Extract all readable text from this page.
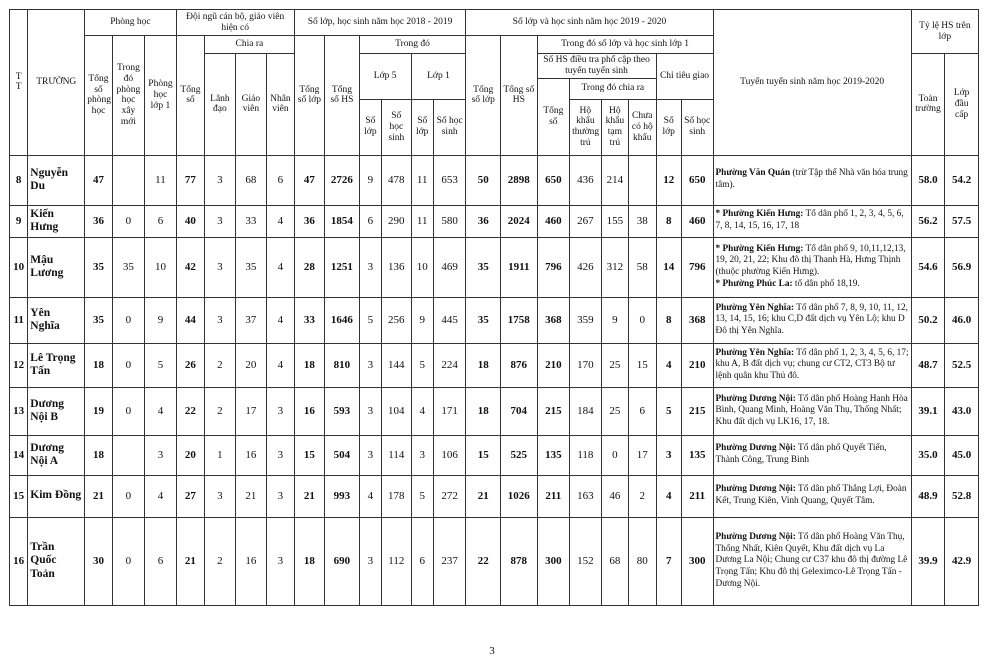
T T	TRƯỜNG	Phòng học			Đội ngũ cán bộ, giáo viên hiện có				Số lớp, học sinh năm học 2018 - 2019						Số lớp và học sinh năm học 2019 - 2020								Tuyển tuyển sinh năm học 2019-2020	Tỷ lệ HS trên lớp	
		Tổng số phòng học	Trong đó phòng học xây mới	Phòng học lớp 1	Tổng số	Chia ra			Tổng số lớp	Tổng số HS	Trong đó				Tổng số lớp	Tổng số HS	Trong đó số lớp và học sinh lớp 1								
						Lãnh đạo	Giáo viên	Nhân viên			Lớp 5		Lớp 1				Số HS điều tra phổ cập theo tuyến tuyển sinh				Chỉ tiêu giao			Toàn trường	Lớp đầu cấp
																	Tổng số	Trong đó chia ra							
											Số lớp	Số học sinh	Số lớp	Số học sinh				Hộ khẩu thường trú	Hộ khẩu tạm trú	Chưa có hộ khẩu	Số lớp	Số học sinh			
8	Nguyễn Du	47		11	77	3	68	6	47	2726	9	478	11	653	50	2898	650	436	214		12	650	Phường Văn Quán (trừ Tập thể Nhà văn hóa trung tâm).	58.0	54.2
9	Kiến Hưng	36	0	6	40	3	33	4	36	1854	6	290	11	580	36	2024	460	267	155	38	8	460	* Phường Kiến Hưng: Tổ dân phố 1, 2, 3, 4, 5, 6, 7, 8, 14, 15, 16, 17, 18	56.2	57.5
10	Mậu Lương	35	35	10	42	3	35	4	28	1251	3	136	10	469	35	1911	796	426	312	58	14	796	* Phường Kiến Hưng: Tổ dân phố 9, 10,11,12,13, 19, 20, 21, 22; Khu đô thị Thanh Hà, Hưng Thịnh (thuộc phường Kiến Hưng).
* Phường Phúc La: tổ dân phố 18,19.	54.6	56.9
11	Yên Nghĩa	35	0	9	44	3	37	4	33	1646	5	256	9	445	35	1758	368	359	9	0	8	368	Phường Yên Nghĩa: Tổ dân phố 7, 8, 9, 10, 11, 12, 13, 14, 15, 16; khu C,D đất dịch vụ Yên Lộ; khu D Đô thị Yên Nghĩa.	50.2	46.0
12	Lê Trọng Tấn	18	0	5	26	2	20	4	18	810	3	144	5	224	18	876	210	170	25	15	4	210	Phường Yên Nghĩa: Tổ dân phố 1, 2, 3, 4, 5, 6, 17; khu A, B đất dịch vụ; chung cư CT2, CT3 Bộ tư lệnh quân khu Thủ đô.	48.7	52.5
13	Dương Nội B	19	0	4	22	2	17	3	16	593	3	104	4	171	18	704	215	184	25	6	5	215	Phường Dương Nội: Tổ dân phố Hoàng Hanh Hòa Bình, Quang Minh, Hoàng Văn Thụ, Thống Nhất; Khu đất dịch vụ LK16, 17, 18.	39.1	43.0
14	Dương Nội A	18		3	20	1	16	3	15	504	3	114	3	106	15	525	135	118	0	17	3	135	Phường Dương Nội: Tổ dân phố Quyết Tiến, Thành Công, Trung Bình	35.0	45.0
15	Kim Đồng	21	0	4	27	3	21	3	21	993	4	178	5	272	21	1026	211	163	46	2	4	211	Phường Dương Nội: Tổ dân phố Thắng Lợi, Đoàn Kết, Trung Kiên, Vinh Quang, Quyết Tâm.	48.9	52.8
16	Trần Quốc Toản	30	0	6	21	2	16	3	18	690	3	112	6	237	22	878	300	152	68	80	7	300	Phường Dương Nội: Tổ dân phố Hoàng Văn Thụ, Thống Nhất, Kiên Quyết, Khu đất dịch vụ La Dương La Nội; Chung cư C37 khu đô thị đường Lê Trọng Tấn; Khu đô thị Geleximco-Lê Trọng Tấn - Dương Nội.	39.9	42.9
3
